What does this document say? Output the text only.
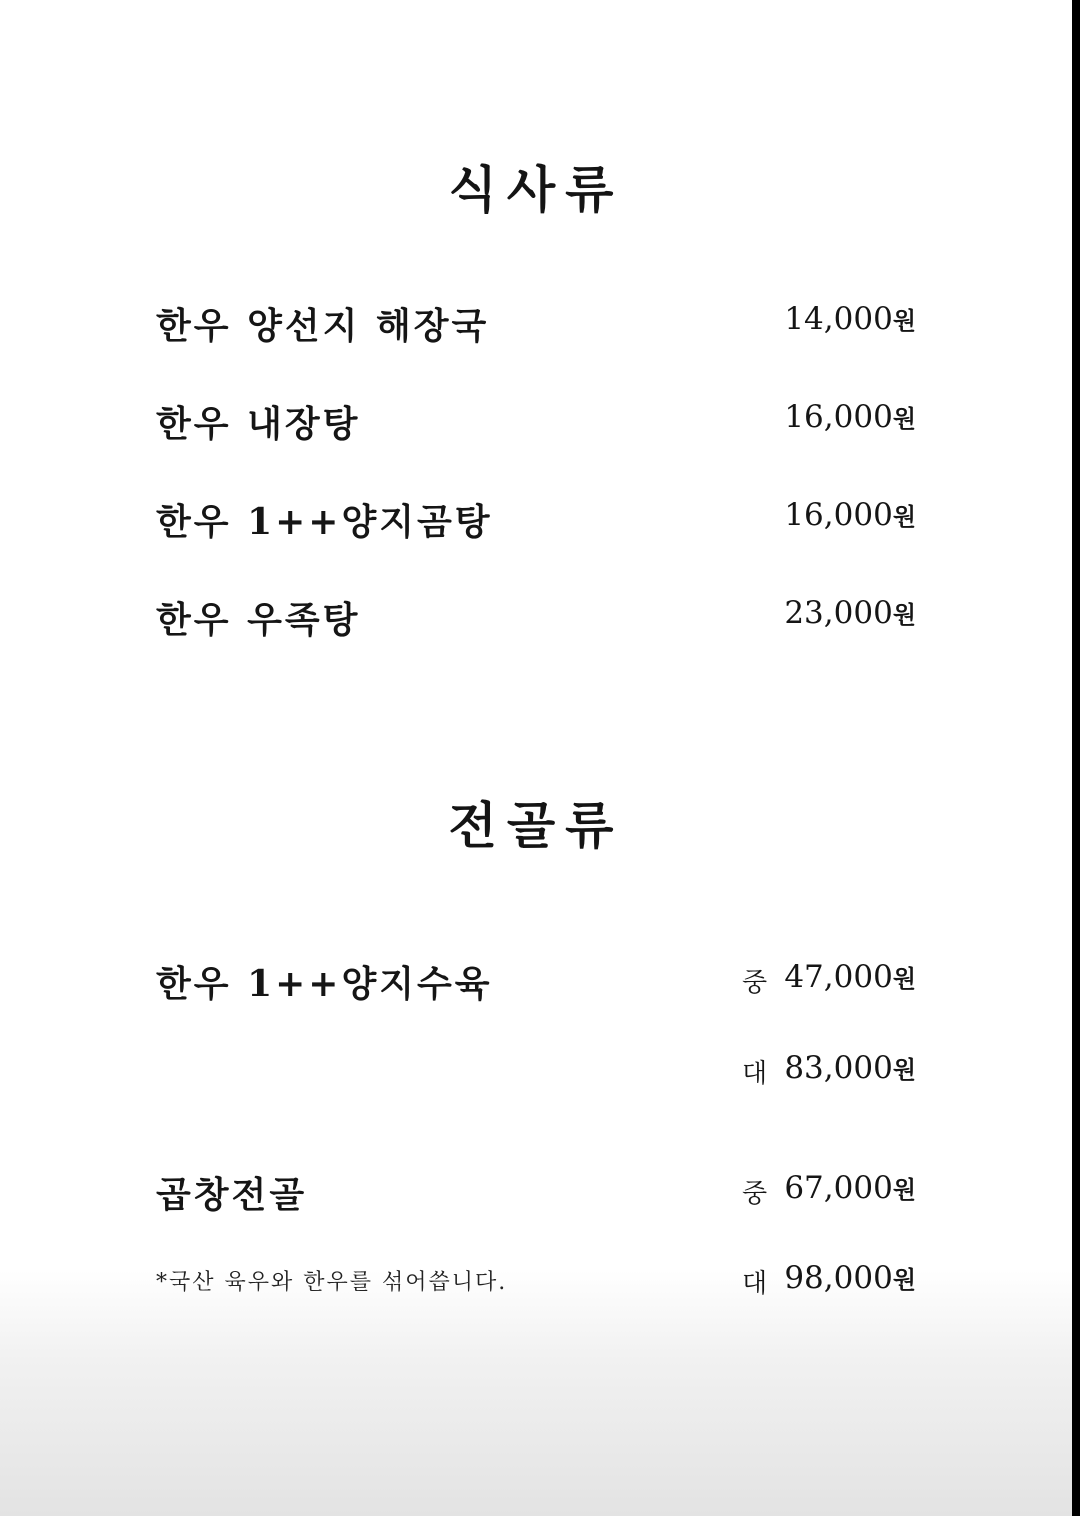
식사류
한우 양선지 해장국	14,000원
한우 내장탕	16,000원
한우 1++양지곰탕	16,000원
한우 우족탕	23,000원
전골류
한우 1++양지수육	중 47,000원
대 83,000원
곱창전골	중 67,000원
*국산 육우와 한우를 섞어씁니다.	대 98,000원
